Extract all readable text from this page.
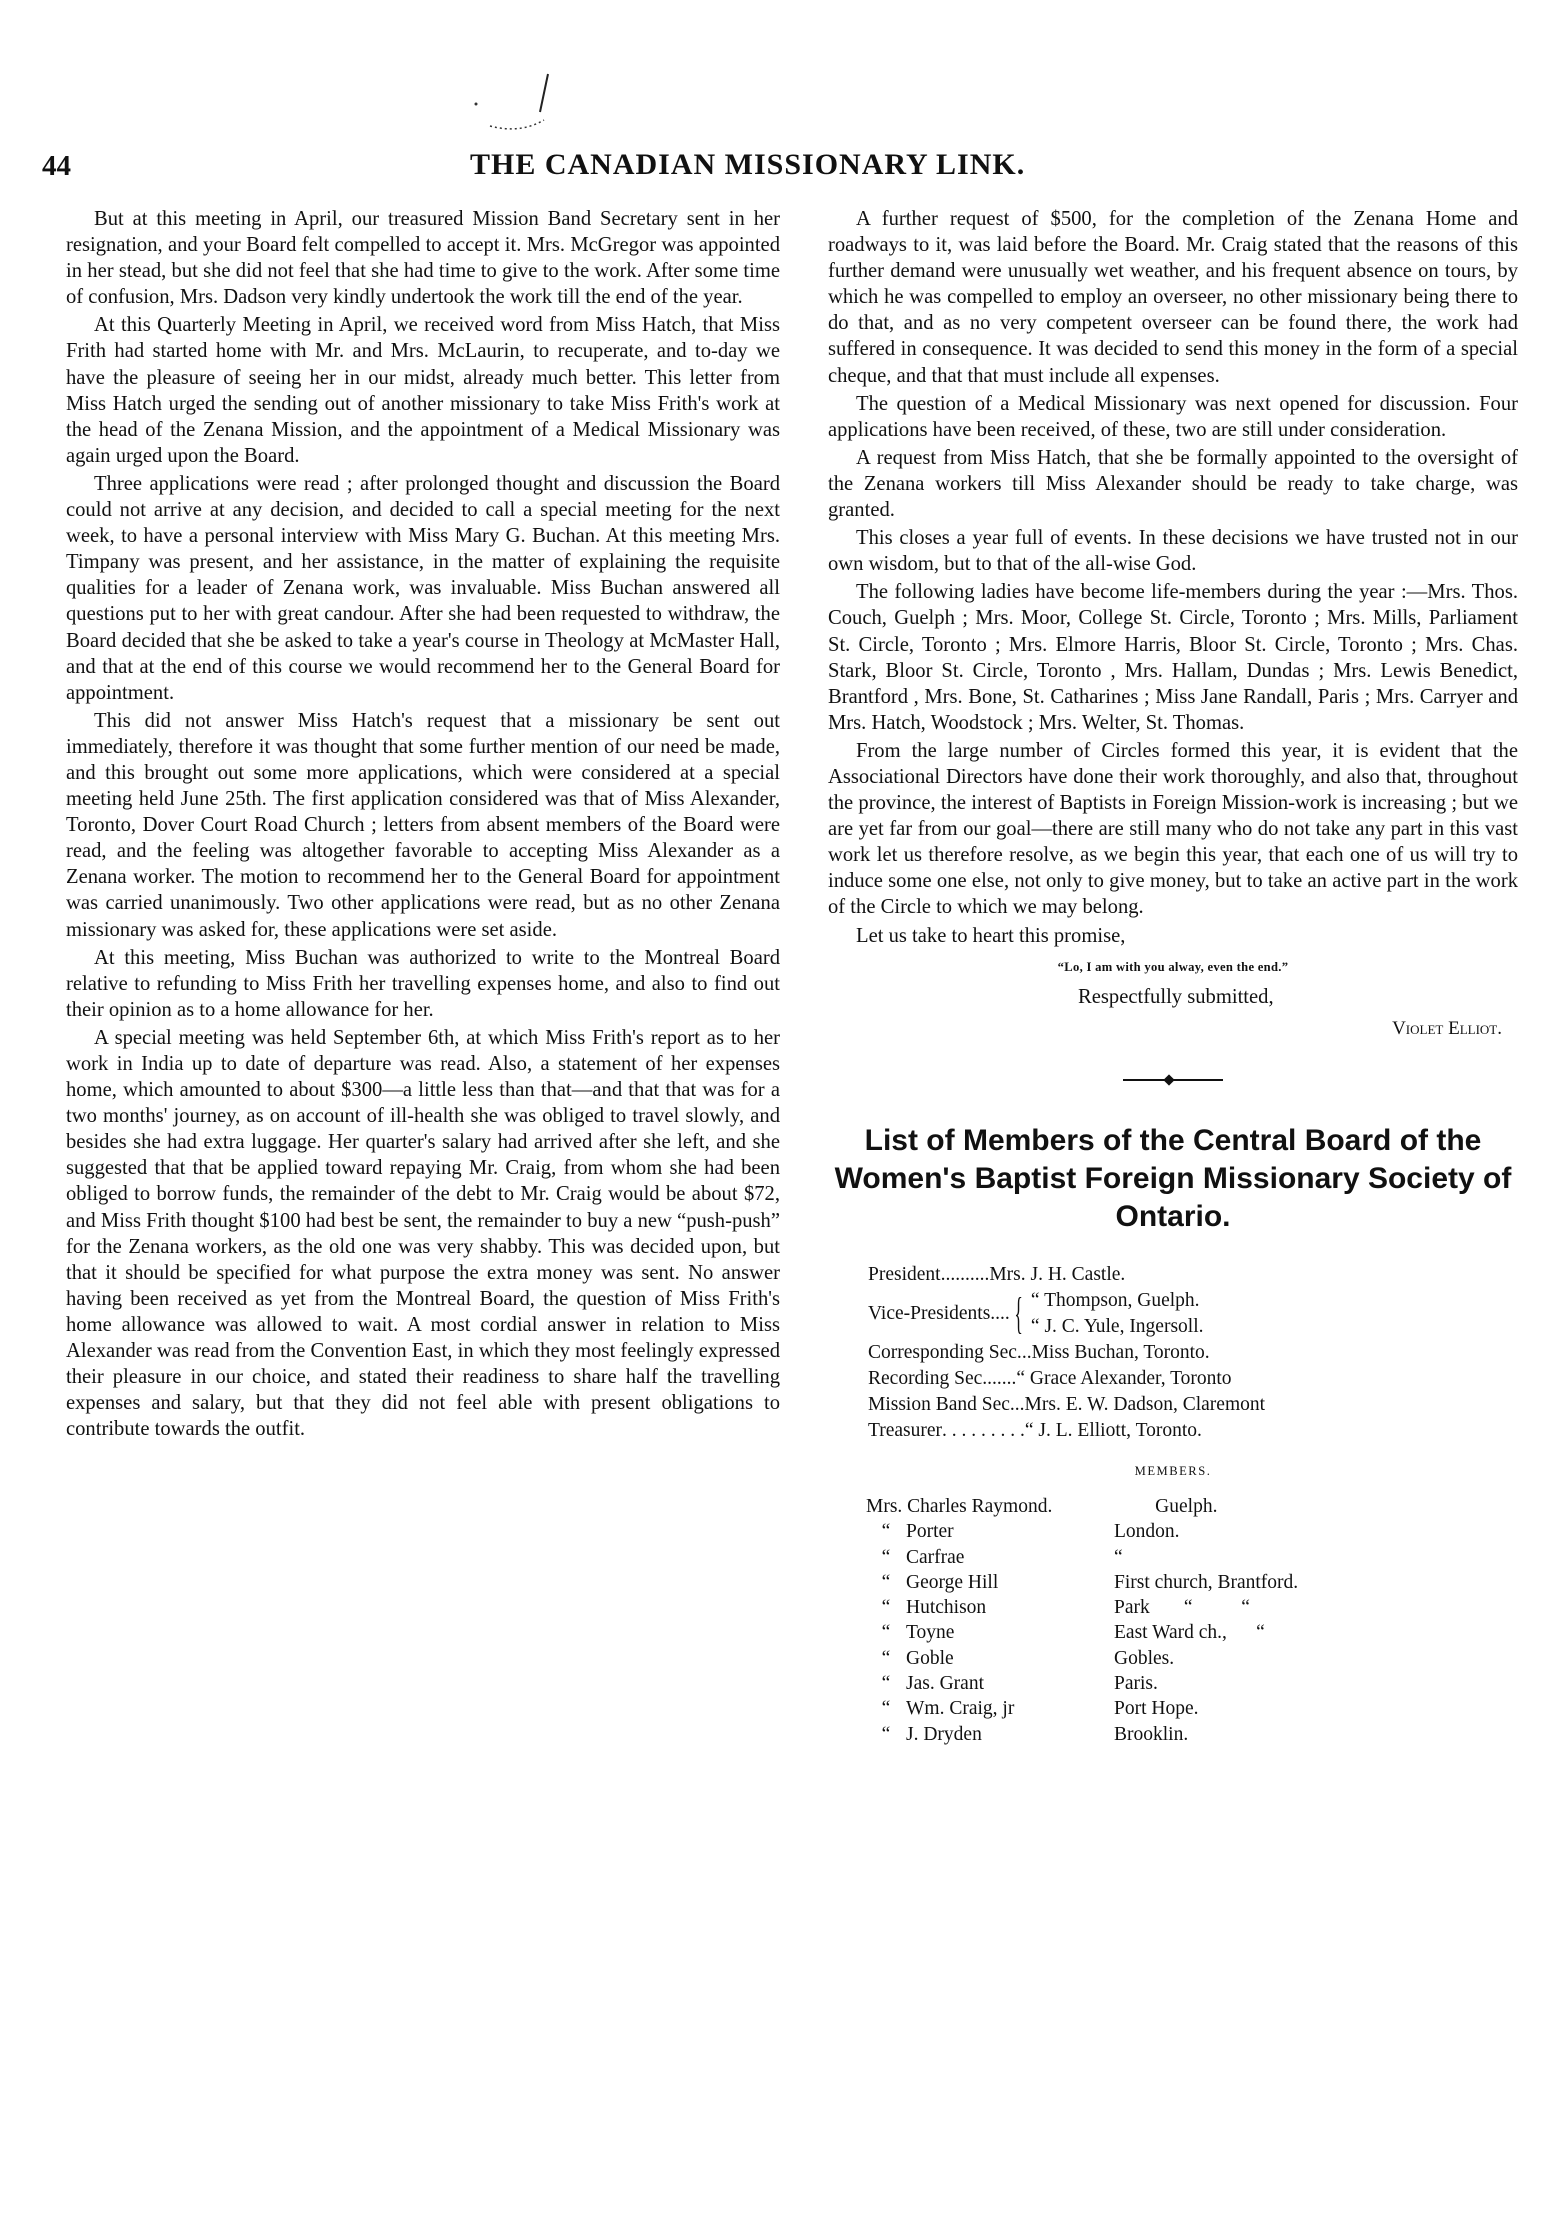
44	THE CANADIAN MISSIONARY LINK.

But at this meeting in April, our treasured Mission Band Secretary sent in her resignation, and your Board felt compelled to accept it. Mrs. McGregor was appointed in her stead, but she did not feel that she had time to give to the work. After some time of confusion, Mrs. Dadson very kindly undertook the work till the end of the year.

At this Quarterly Meeting in April, we received word from Miss Hatch, that Miss Frith had started home with Mr. and Mrs. McLaurin, to recuperate, and to-day we have the pleasure of seeing her in our midst, already much better. This letter from Miss Hatch urged the sending out of another missionary to take Miss Frith's work at the head of the Zenana Mission, and the appointment of a Medical Missionary was again urged upon the Board.

Three applications were read ; after prolonged thought and discussion the Board could not arrive at any decision, and decided to call a special meeting for the next week, to have a personal interview with Miss Mary G. Buchan. At this meeting Mrs. Timpany was present, and her assistance, in the matter of explaining the requisite qualities for a leader of Zenana work, was invaluable. Miss Buchan answered all questions put to her with great candour. After she had been requested to withdraw, the Board decided that she be asked to take a year's course in Theology at McMaster Hall, and that at the end of this course we would recommend her to the General Board for appointment.

This did not answer Miss Hatch's request that a missionary be sent out immediately, therefore it was thought that some further mention of our need be made, and this brought out some more applications, which were considered at a special meeting held June 25th. The first application considered was that of Miss Alexander, Toronto, Dover Court Road Church ; letters from absent members of the Board were read, and the feeling was altogether favorable to accepting Miss Alexander as a Zenana worker. The motion to recommend her to the General Board for appointment was carried unanimously. Two other applications were read, but as no other Zenana missionary was asked for, these applications were set aside.

At this meeting, Miss Buchan was authorized to write to the Montreal Board relative to refunding to Miss Frith her travelling expenses home, and also to find out their opinion as to a home allowance for her.

A special meeting was held September 6th, at which Miss Frith's report as to her work in India up to date of departure was read. Also, a statement of her expenses home, which amounted to about $300—a little less than that—and that that was for a two months' journey, as on account of ill-health she was obliged to travel slowly, and besides she had extra luggage. Her quarter's salary had arrived after she left, and she suggested that that be applied toward repaying Mr. Craig, from whom she had been obliged to borrow funds, the remainder of the debt to Mr. Craig would be about $72, and Miss Frith thought $100 had best be sent, the remainder to buy a new “push-push” for the Zenana workers, as the old one was very shabby. This was decided upon, but that it should be specified for what purpose the extra money was sent. No answer having been received as yet from the Montreal Board, the question of Miss Frith's home allowance was allowed to wait. A most cordial answer in relation to Miss Alexander was read from the Convention East, in which they most feelingly expressed their pleasure in our choice, and stated their readiness to share half the travelling expenses and salary, but that they did not feel able with present obligations to contribute towards the outfit.

A further request of $500, for the completion of the Zenana Home and roadways to it, was laid before the Board. Mr. Craig stated that the reasons of this further demand were unusually wet weather, and his frequent absence on tours, by which he was compelled to employ an overseer, no other missionary being there to do that, and as no very competent overseer can be found there, the work had suffered in consequence. It was decided to send this money in the form of a special cheque, and that that must include all expenses.

The question of a Medical Missionary was next opened for discussion. Four applications have been received, of these, two are still under consideration.

A request from Miss Hatch, that she be formally appointed to the oversight of the Zenana workers till Miss Alexander should be ready to take charge, was granted.

This closes a year full of events. In these decisions we have trusted not in our own wisdom, but to that of the all-wise God.

The following ladies have become life-members during the year :—Mrs. Thos. Couch, Guelph ; Mrs. Moor, College St. Circle, Toronto ; Mrs. Mills, Parliament St. Circle, Toronto ; Mrs. Elmore Harris, Bloor St. Circle, Toronto ; Mrs. Chas. Stark, Bloor St. Circle, Toronto , Mrs. Hallam, Dundas ; Mrs. Lewis Benedict, Brantford , Mrs. Bone, St. Catharines ; Miss Jane Randall, Paris ; Mrs. Carryer and Mrs. Hatch, Woodstock ; Mrs. Welter, St. Thomas.

From the large number of Circles formed this year, it is evident that the Associational Directors have done their work thoroughly, and also that, throughout the province, the interest of Baptists in Foreign Mission-work is increasing ; but we are yet far from our goal—there are still many who do not take any part in this vast work let us therefore resolve, as we begin this year, that each one of us will try to induce some one else, not only to give money, but to take an active part in the work of the Circle to which we may belong.

Let us take to heart this promise,

“Lo, I am with you alway, even the end.”
Respectfully submitted,
Violet Elliot.
List of Members of the Central Board of the Women's Baptist Foreign Missionary Society of Ontario.
President .......... Mrs. J. H. Castle.
Vice-Presidents .... { “ Thompson, Guelph.
“ J. C. Yule, Ingersoll.
Corresponding Sec. .. Miss Buchan, Toronto.
Recording Sec. ...... “ Grace Alexander, Toronto
Mission Band Sec. .. Mrs. E. W. Dadson, Claremont
Treasurer . . . . . . . . . “ J. L. Elliott, Toronto.
MEMBERS.
Mrs.
Charles Raymond.	Guelph.
“ Porter	London.
“ Carfrae	“
“ George Hill	First church, Brantford.
“ Hutchison	Park       “          “
“ Toyne	East Ward ch.,      “
“ Goble	Gobles.
“ Jas. Grant	Paris.
“ Wm. Craig, jr	Port Hope.
“ J. Dryden	Brooklin.
